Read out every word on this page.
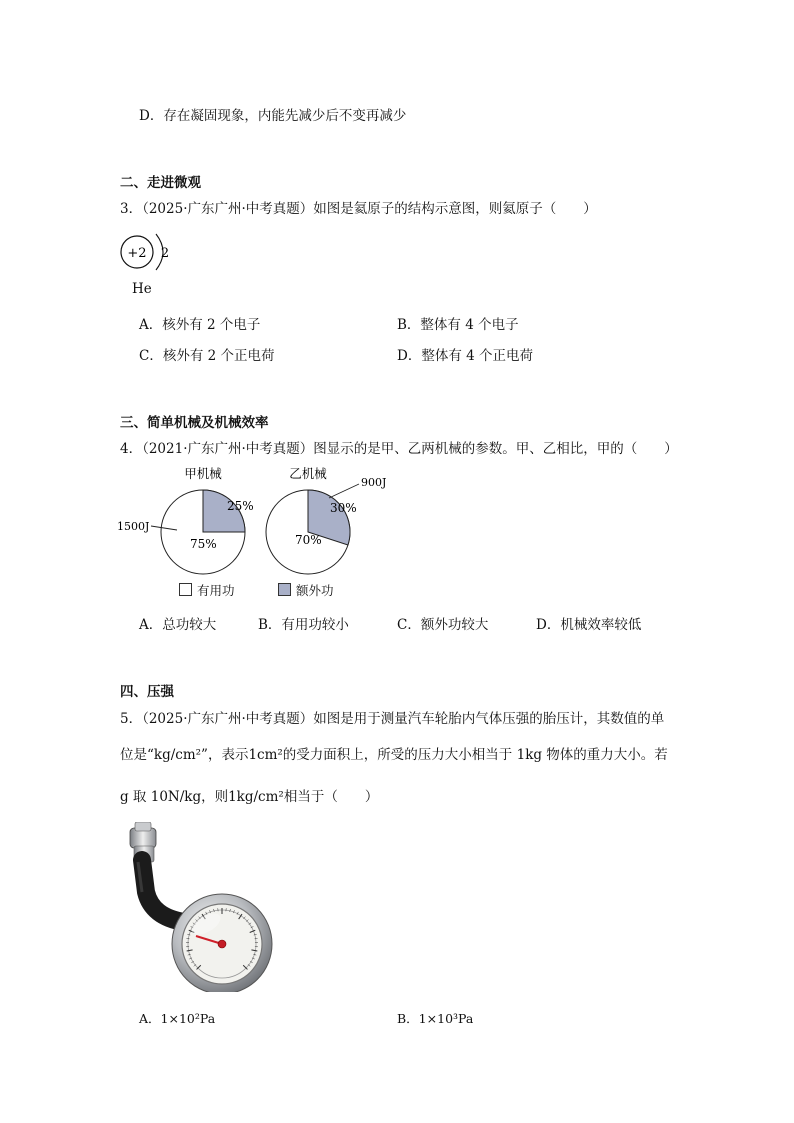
D．存在凝固现象，内能先减少后不变再减少
二、走进微观
3．（2025·广东广州·中考真题）如图是氦原子的结构示意图，则氦原子（　　）
+2 2
He
A．核外有 2 个电子	B．整体有 4 个电子
C．核外有 2 个正电荷	D．整体有 4 个正电荷
三、简单机械及机械效率
4．（2021·广东广州·中考真题）图显示的是甲、乙两机械的参数。甲、乙相比，甲的（　　）
甲机械
75%
25%
1500J
乙机械
70%
30%
900J
有用功	额外功
A．总功较大	B．有用功较小	C．额外功较大	D．机械效率较低
四、压强
5．（2025·广东广州·中考真题）如图是用于测量汽车轮胎内气体压强的胎压计，其数值的单
位是“kg/cm²”，表示1cm²的受力面积上，所受的压力大小相当于 1kg 物体的重力大小。若
g 取 10N/kg，则1kg/cm²相当于（　　）
A．1×10²Pa	B．1×10³Pa
